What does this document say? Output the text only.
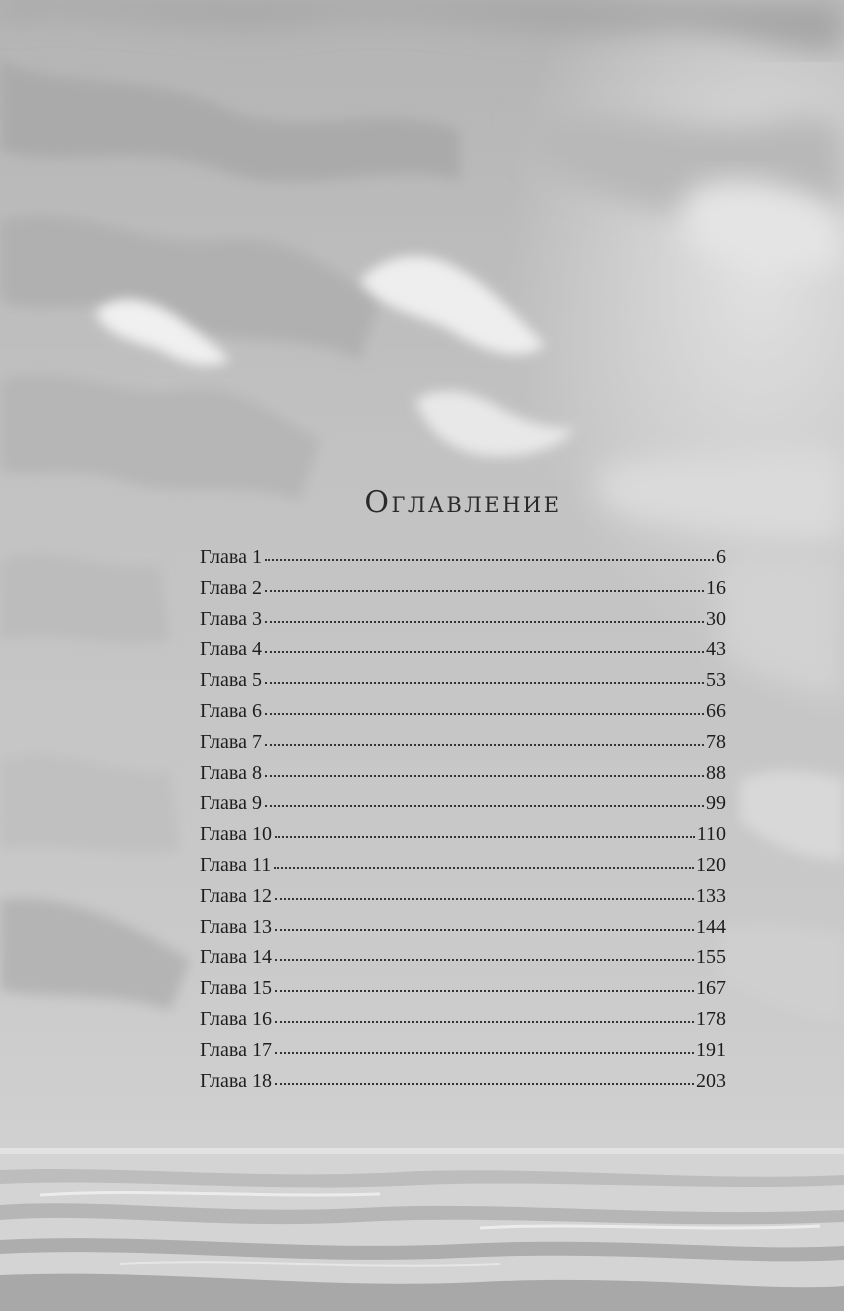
Оглавление
Глава 1	6
Глава 2	16
Глава 3	30
Глава 4	43
Глава 5	53
Глава 6	66
Глава 7	78
Глава 8	88
Глава 9	99
Глава 10	110
Глава 11	120
Глава 12	133
Глава 13	144
Глава 14	155
Глава 15	167
Глава 16	178
Глава 17	191
Глава 18	203
